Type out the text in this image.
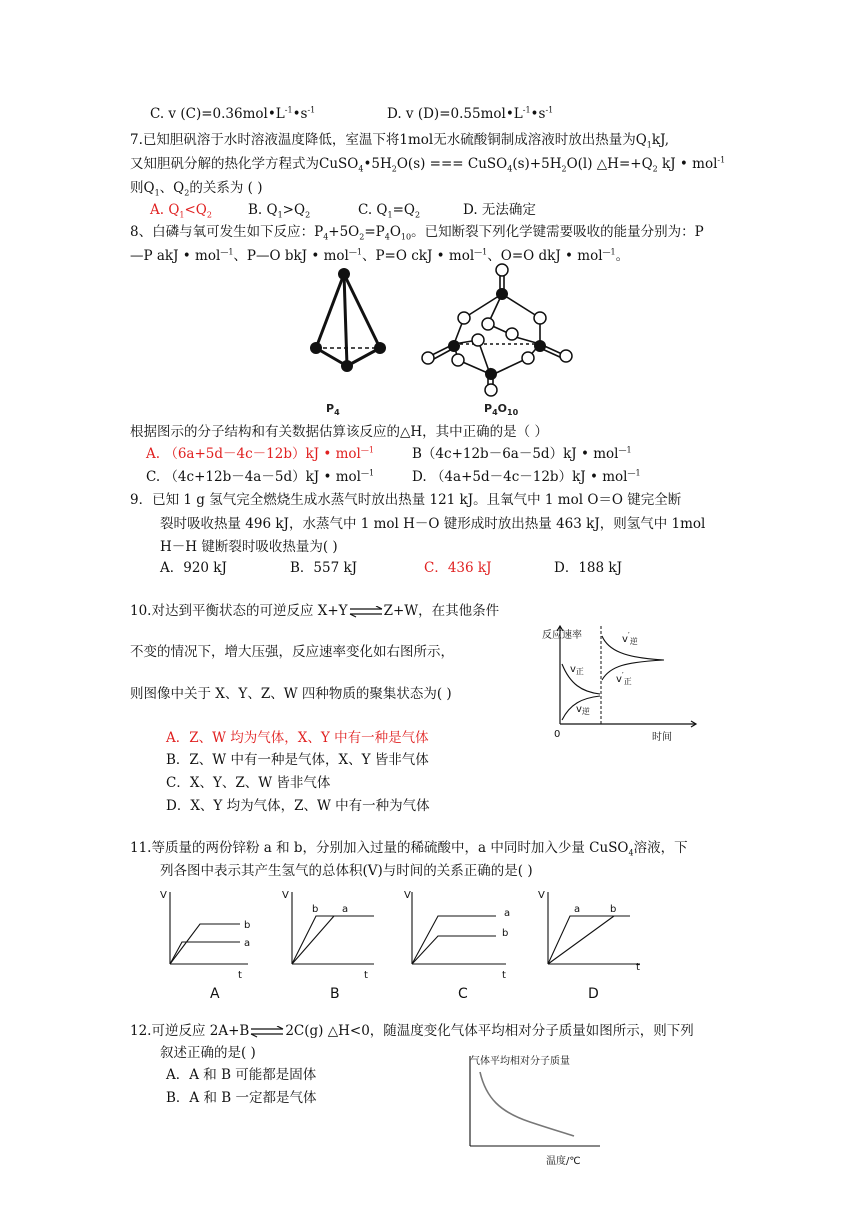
C. v $(C)=0.36mol•L^{-1}•s^{-1}$	D. v $(D)=0.55mol•L^{-1}•s^{-1}$
7.已知胆矾溶于水时溶液温度降低，室温下将1mol无水硫酸铜制成溶液时放出热量为$Q_1kJ$,
又知胆矾分解的热化学方程式为$CuSO_4•5H_2O(s)$ === $CuSO_4(s)+5H_2O(l)$ $\triangle H=+Q_2$ kJ • mol$^{-1}$
则$Q_1$、$Q_2$的关系为 ( )
A. $Q_1<Q_2$	B. $Q_1>Q_2$	C. $Q_1=Q_2$	D. 无法确定
8、白磷与氧可发生如下反应：$P_4+5O_2=P_4O_{10}$。已知断裂下列化学键需要吸收的能量分别为：P
—P akJ • mol$^{—1}$、P—O bkJ • mol$^{—1}$、P=O ckJ • mol$^{—1}$、O=O dkJ • mol$^{—1}$。
$P_4$	$P_4O_{10}$
根据图示的分子结构和有关数据估算该反应的△H，其中正确的是（ ）
A. （6a+5d－4c－12b）kJ • mol$^{—1}$	B（4c+12b－6a－5d）kJ • mol$^{—1}$
C. （4c+12b－4a－5d）kJ • mol$^{—1}$	D. （4a+5d－4c－12b）kJ • mol$^{—1}$
9．已知 1 g 氢气完全燃烧生成水蒸气时放出热量 121 kJ。且氧气中 1 mol O＝O 键完全断
裂时吸收热量 496 kJ，水蒸气中 1 mol H－O 键形成时放出热量 463 kJ，则氢气中 1mol
H－H 键断裂时吸收热量为( )
A．920 kJ	B．557 kJ	C．436 kJ	D．188 kJ
10.对达到平衡状态的可逆反应 X+Y⇌Z+W，在其他条件
不变的情况下，增大压强，反应速率变化如右图所示，
则图像中关于 X、Y、Z、W 四种物质的聚集状态为( )
A．Z、W 均为气体，X、Y 中有一种是气体
B．Z、W 中有一种是气体，X、Y 皆非气体
C．X、Y、Z、W 皆非气体
D．X、Y 均为气体，Z、W 中有一种为气体
反应速率
0	时间
$v_正$
$v_逆$
$v'_逆$
$v'_正$
11.等质量的两份锌粉 a 和 b，分别加入过量的稀硫酸中，a 中同时加入少量 CuSO$_4$溶液，下
列各图中表示其产生氢气的总体积(V)与时间的关系正确的是( )
V
t
b
a
A
V
t
b a
B
V
t
a
b
C
V
t
a	b
D
12.可逆反应 2A+B⇌2C(g) △H<0，随温度变化气体平均相对分子质量如图所示，则下列
叙述正确的是( )
A．A 和 B 可能都是固体
B．A 和 B 一定都是气体
气体平均相对分子质量
温度/℃
